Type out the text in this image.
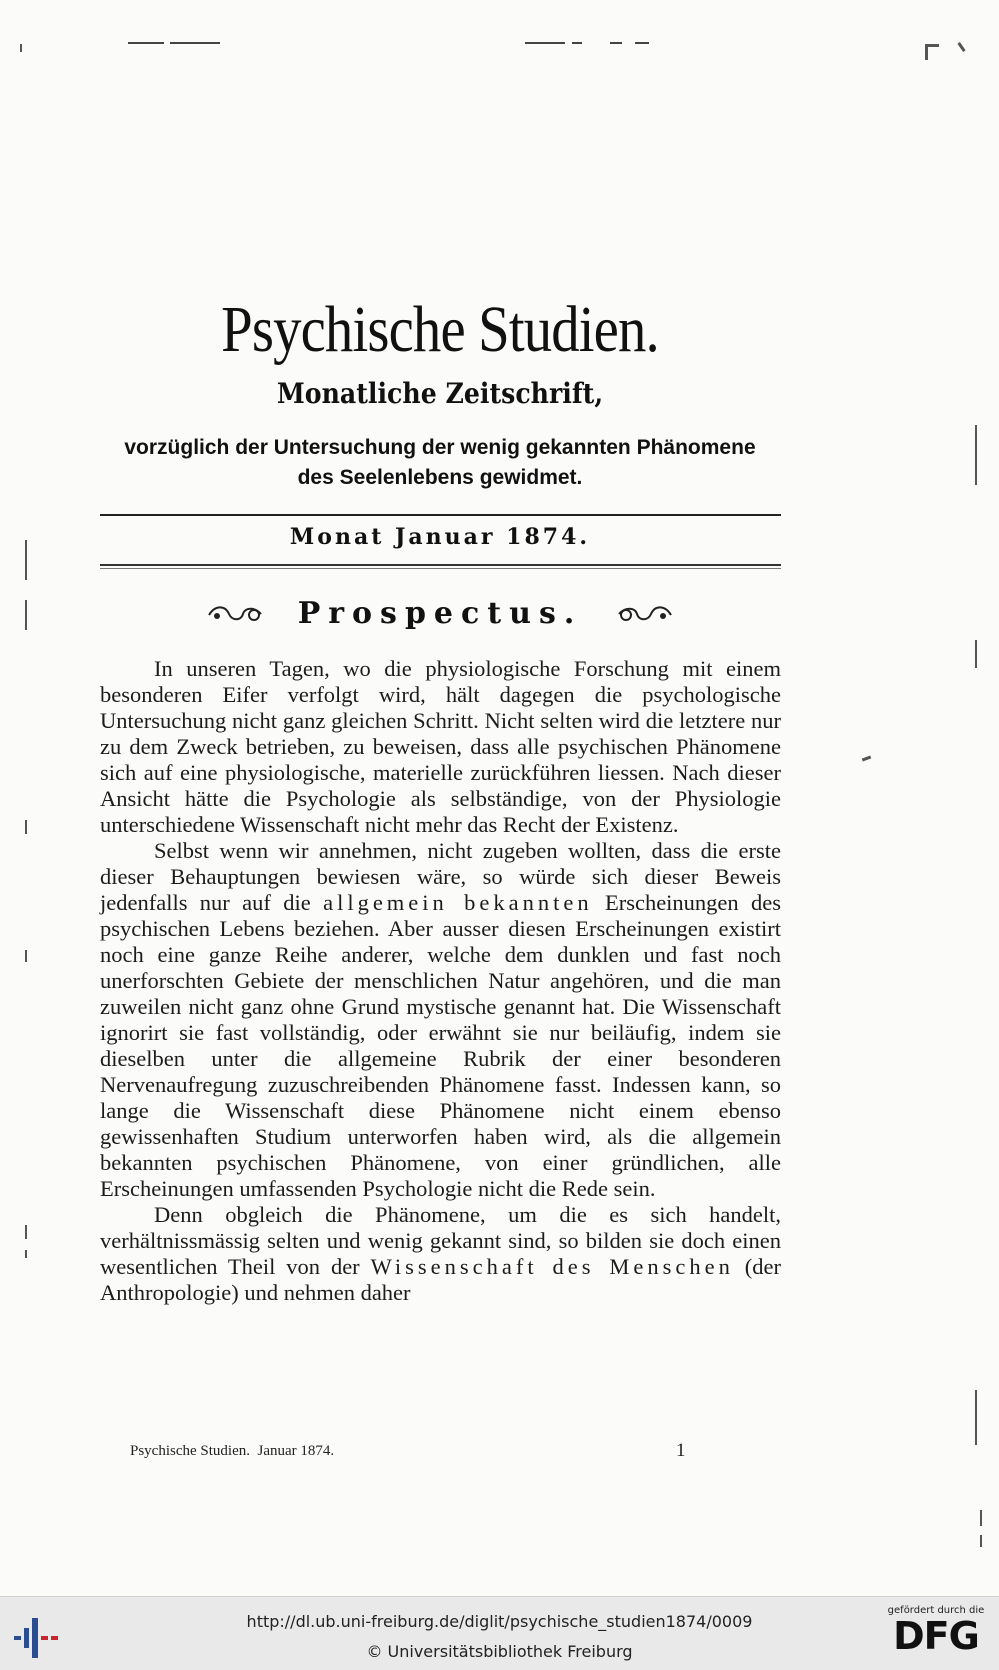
Psychische Studien.
Monatliche Zeitschrift,
vorzüglich der Untersuchung der wenig gekannten Phänomene
des Seelenlebens gewidmet.
Monat Januar 1874.
Prospectus.

In unseren Tagen, wo die physiologische Forschung mit einem besonderen Eifer verfolgt wird, hält dagegen die psychologische Untersuchung nicht ganz gleichen Schritt. Nicht selten wird die letztere nur zu dem Zweck betrieben, zu beweisen, dass alle psychischen Phänomene sich auf eine physiologische, materielle zurückführen liessen. Nach dieser Ansicht hätte die Psychologie als selbständige, von der Physiologie unterschiedene Wissenschaft nicht mehr das Recht der Existenz.

Selbst wenn wir annehmen, nicht zugeben wollten, dass die erste dieser Behauptungen bewiesen wäre, so würde sich dieser Beweis jedenfalls nur auf die allgemein bekannten Erscheinungen des psychischen Lebens beziehen. Aber ausser diesen Erscheinungen existirt noch eine ganze Reihe anderer, welche dem dunklen und fast noch unerforschten Gebiete der menschlichen Natur angehören, und die man zuweilen nicht ganz ohne Grund mystische genannt hat. Die Wissenschaft ignorirt sie fast vollständig, oder erwähnt sie nur beiläufig, indem sie dieselben unter die allgemeine Rubrik der einer besonderen Nervenaufregung zuzuschreibenden Phänomene fasst. Indessen kann, so lange die Wissenschaft diese Phänomene nicht einem ebenso gewissenhaften Studium unterworfen haben wird, als die allgemein bekannten psychischen Phänomene, von einer gründlichen, alle Erscheinungen umfassenden Psychologie nicht die Rede sein.

Denn obgleich die Phänomene, um die es sich handelt, verhältnissmässig selten und wenig gekannt sind, so bilden sie doch einen wesentlichen Theil von der Wissenschaft des Menschen (der Anthropologie) und nehmen daher

Psychische Studien.  Januar 1874.	1
http://dl.ub.uni-freiburg.de/diglit/psychische_studien1874/0009
© Universitätsbibliothek Freiburg
gefördert durch die
DFG
